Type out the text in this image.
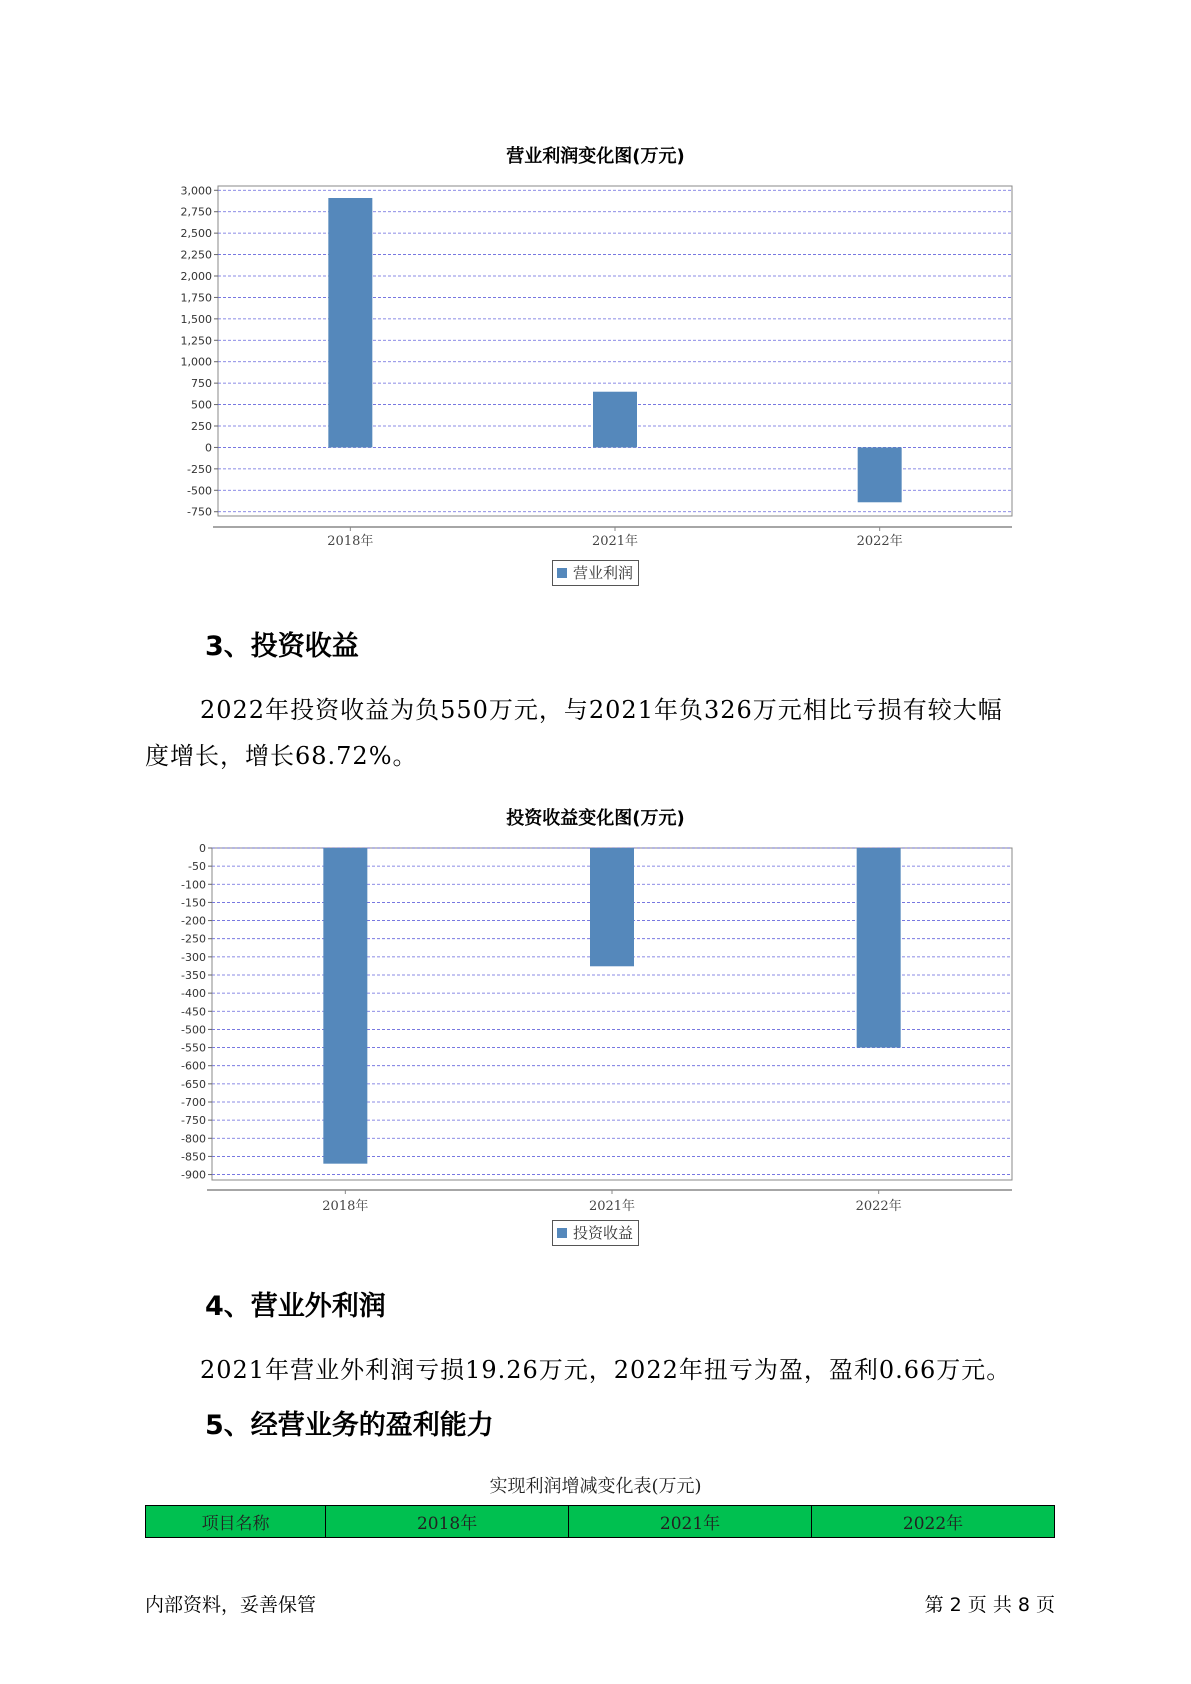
营业利润变化图(万元)
3,000
2,750
2,500
2,250
2,000
1,750
1,500
1,250
1,000
750
500
250
0
-250
-500
-750
2018年	2021年	2022年
营业利润
3、投资收益
2022年投资收益为负550万元，与2021年负326万元相比亏损有较大幅
度增长，增长68.72%。
投资收益变化图(万元)
0
-50
-100
-150
-200
-250
-300
-350
-400
-450
-500
-550
-600
-650
-700
-750
-800
-850
-900
2018年	2021年	2022年
投资收益
4、营业外利润
2021年营业外利润亏损19.26万元，2022年扭亏为盈，盈利0.66万元。
5、经营业务的盈利能力
实现利润增减变化表(万元)
项目名称	2018年	2021年	2022年
内部资料，妥善保管	第 2 页 共 8 页
